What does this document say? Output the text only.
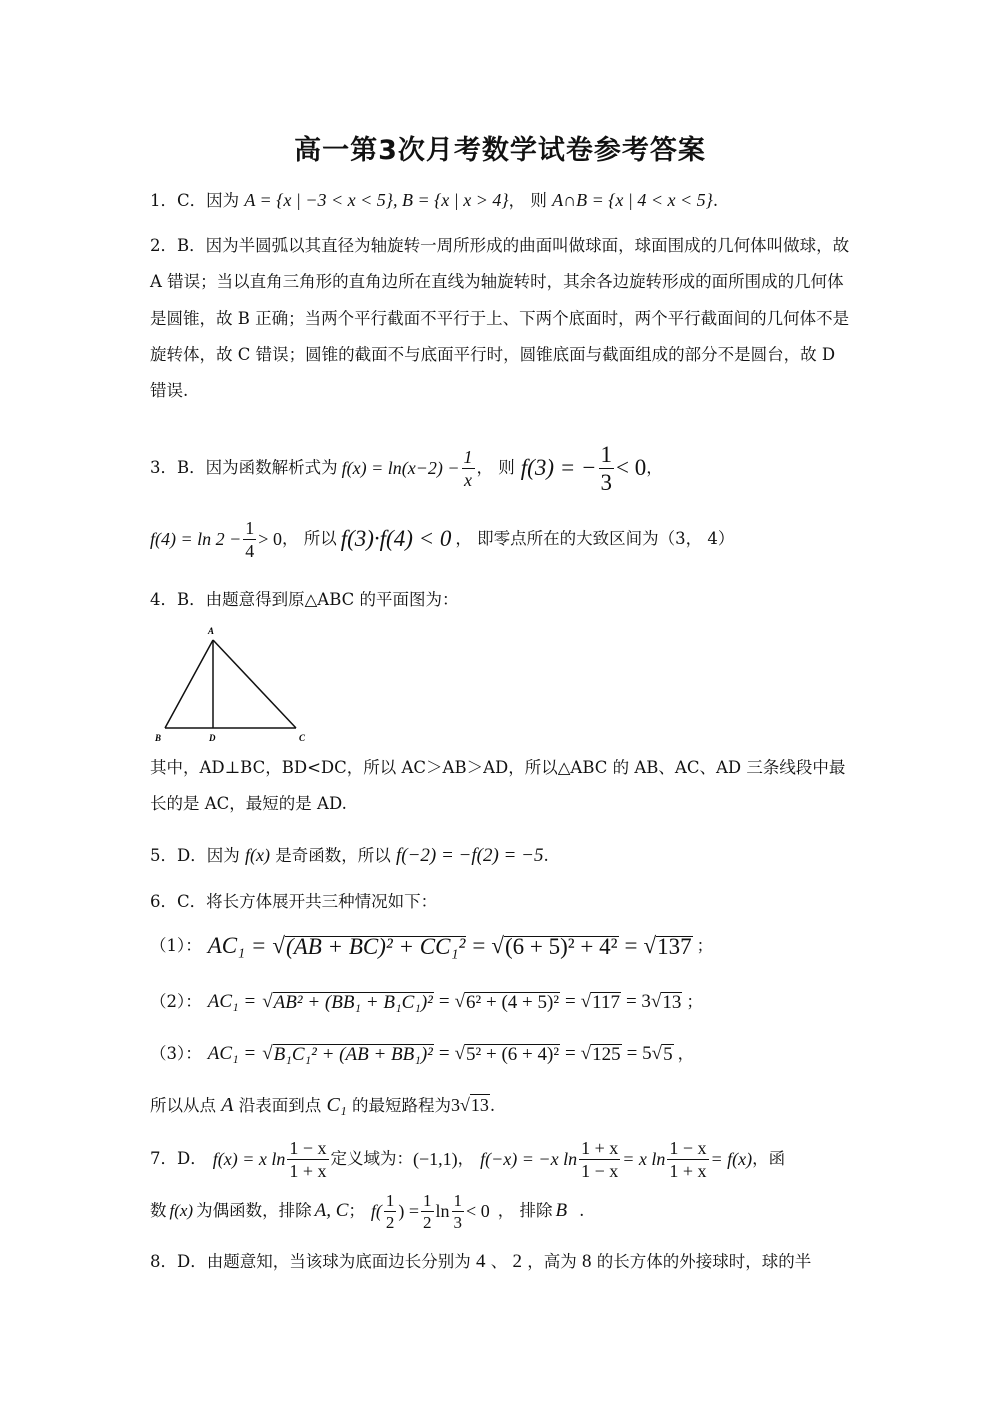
高一第3次月考数学试卷参考答案
1．C．因为 A = {x | −3 < x < 5}, B = {x | x > 4}， 则 A∩B = {x | 4 < x < 5}.
2．B．因为半圆弧以其直径为轴旋转一周所形成的曲面叫做球面，球面围成的几何体叫做球，故 A 错误；当以直角三角形的直角边所在直线为轴旋转时，其余各边旋转形成的面所围成的几何体是圆锥，故 B 正确；当两个平行截面不平行于上、下两个底面时，两个平行截面间的几何体不是旋转体，故 C 错误；圆锥的截面不与底面平行时，圆锥底面与截面组成的部分不是圆台，故 D 错误.
3．B． 因为函数解析式为 $f(x) = \ln(x-2) - \frac{1}{x}$ ， 则 f(3) = − $\frac{1}{3} < 0$ ，
$f(4) = \ln 2 - \frac{1}{4} > 0$ ， 所以 f(3)·f(4) < 0 ， 即零点所在的大致区间为（3， 4）
4．B．由题意得到原△ABC 的平面图为：
A
B	D	C
其中，AD⊥BC，BD<DC，所以 AC＞AB＞AD，所以△ABC 的 AB、AC、AD 三条线段中最
长的是 AC，最短的是 AD.
5．D．因为 f(x) 是奇函数，所以 f(−2) = −f(2) = −5.
6．C．将长方体展开共三种情况如下：
（1）： AC₁ = √ (AB + BC)² + CC₁² = √ (6 + 5)² + 4² = √ 137 ；
（2）： AC₁ = √ AB² + (BB₁ + B₁C₁)² = √ 6² + (4 + 5)² = √ 117 = 3 √ 13 ；
（3）： AC₁ = √ B₁C₁² + (AB + BB₁)² = √ 5² + (6 + 4)² = √ 125 = 5 √ 5 ，
所以从点 A 沿表面到点 C₁ 的最短路程为3√13.
7．D． f(x) = x $\ln \frac{1 - x}{1 + x}$ 定义域为： (−1,1) ， f(−x) = −x $\ln \frac{1 + x}{1 - x} = x$ $\ln \frac{1 - x}{1 + x} = f(x)$ ，函
数 f(x) 为偶函数，排除 A, C ； $f( \frac{1}{2}$ ) = $\frac{1}{2}$ $\ln \frac{1}{3} < 0$ ， 排除 B .
8．D．由题意知，当该球为底面边长分别为 4 、 2 ，高为 8 的长方体的外接球时，球的半
